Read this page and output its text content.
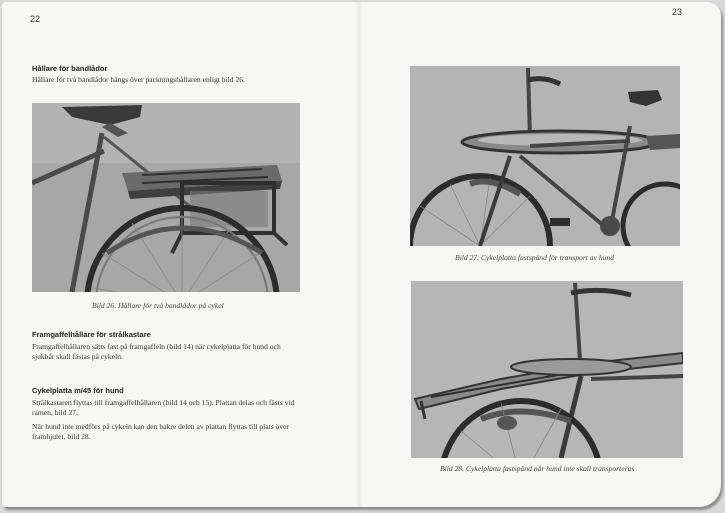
22
Hållare för bandlådor
Hållare för två bandlådor hängs över packningshållaren enligt bild 26.
Bild 26. Hållare för två bandlådor på cykel
Framgaffelhållare för strålkastare
Framgaffelhållaren sätts fast på framgaffeln (bild 14) när cykelplatta för hund och sjukbår skall fästas på cykeln.
Cykelplatta m/45 för hund
Strålkastaren flyttas till framgaffelhållaren (bild 14 och 15). Plattan delas och fästs vid ramen, bild 27.
När hund inte medförs på cykeln kan den bakre delen av plattan flyttas till plats över framhjulet, bild 28.
23
Bild 27. Cykelplatta fastspänd för transport av hund
Bild 28. Cykelplatta fastspänd när hund inte skall transporteras
